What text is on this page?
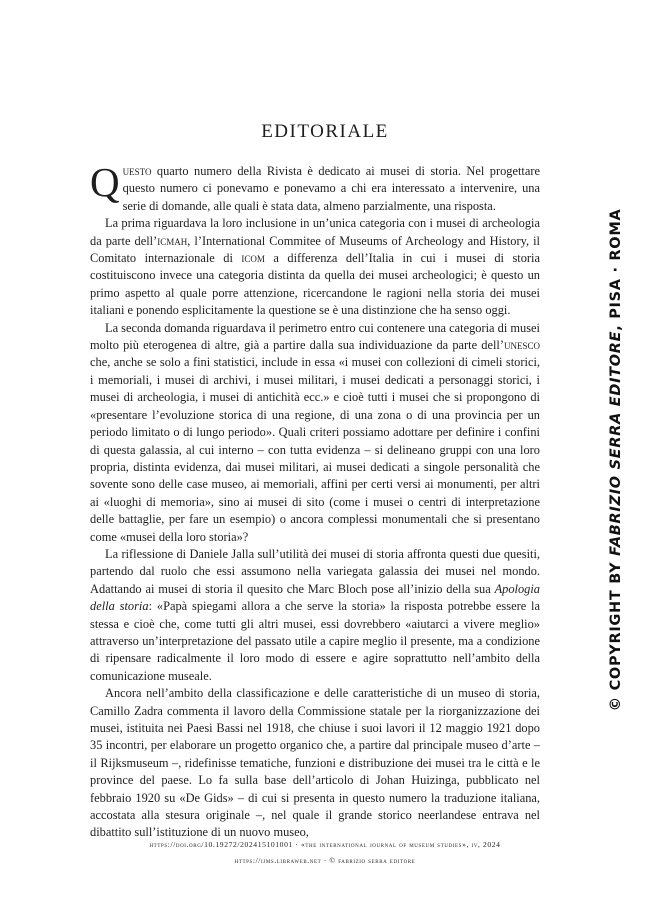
EDITORIALE

Questo quarto numero della Rivista è dedicato ai musei di storia. Nel progettare questo numero ci ponevamo e ponevamo a chi era interessato a intervenire, una serie di domande, alle quali è stata data, almeno parzialmente, una risposta.

La prima riguardava la loro inclusione in un’unica categoria con i musei di archeologia da parte dell’icmah, l’International Commitee of Museums of Archeology and History, il Comitato internazionale di icom a differenza dell’Italia in cui i musei di storia costituiscono invece una categoria distinta da quella dei musei archeologici; è questo un primo aspetto al quale porre attenzione, ricercandone le ragioni nella storia dei musei italiani e ponendo esplicitamente la questione se è una distinzione che ha senso oggi.

La seconda domanda riguardava il perimetro entro cui contenere una categoria di musei molto più eterogenea di altre, già a partire dalla sua individuazione da parte dell’unesco che, anche se solo a fini statistici, include in essa «i musei con collezioni di cimeli storici, i memoriali, i musei di archivi, i musei militari, i musei dedicati a personaggi storici, i musei di archeologia, i musei di antichità ecc.» e cioè tutti i musei che si propongono di «presentare l’evoluzione storica di una regione, di una zona o di una provincia per un periodo limitato o di lungo periodo». Quali criteri possiamo adottare per definire i confini di questa galassia, al cui interno – con tutta evidenza – si delineano gruppi con una loro propria, distinta evidenza, dai musei militari, ai musei dedicati a singole personalità che sovente sono delle case museo, ai memoriali, affini per certi versi ai monumenti, per altri ai «luoghi di memoria», sino ai musei di sito (come i musei o centri di interpretazione delle battaglie, per fare un esempio) o ancora complessi monumentali che si presentano come «musei della loro storia»?

La riflessione di Daniele Jalla sull’utilità dei musei di storia affronta questi due quesiti, partendo dal ruolo che essi assumono nella variegata galassia dei musei nel mondo. Adattando ai musei di storia il quesito che Marc Bloch pose all’inizio della sua Apologia della storia: «Papà spiegami allora a che serve la storia» la risposta potrebbe essere la stessa e cioè che, come tutti gli altri musei, essi dovrebbero «aiutarci a vivere meglio» attraverso un’interpretazione del passato utile a capire meglio il presente, ma a condizione di ripensare radicalmente il loro modo di essere e agire soprattutto nell’ambito della comunicazione museale.

Ancora nell’ambito della classificazione e delle caratteristiche di un museo di storia, Camillo Zadra commenta il lavoro della Commissione statale per la riorganizzazione dei musei, istituita nei Paesi Bassi nel 1918, che chiuse i suoi lavori il 12 maggio 1921 dopo 35 incontri, per elaborare un progetto organico che, a partire dal principale museo d’arte – il Rijksmuseum –, ridefinisse tematiche, funzioni e distribuzione dei musei tra le città e le province del paese. Lo fa sulla base dell’articolo di Johan Huizinga, pubblicato nel febbraio 1920 su «De Gids» – di cui si presenta in questo numero la traduzione italiana, accostata alla stesura originale –, nel quale il grande storico neerlandese entrava nel dibattito sull’istituzione di un nuovo museo,

https://doi.org/10.19272/202415101001 · «the international journal of museum studies», iv, 2024
https://ijms.libraweb.net · © fabrizio serra editore
© COPYRIGHT BY FABRIZIO SERRA EDITORE, PISA · ROMA
